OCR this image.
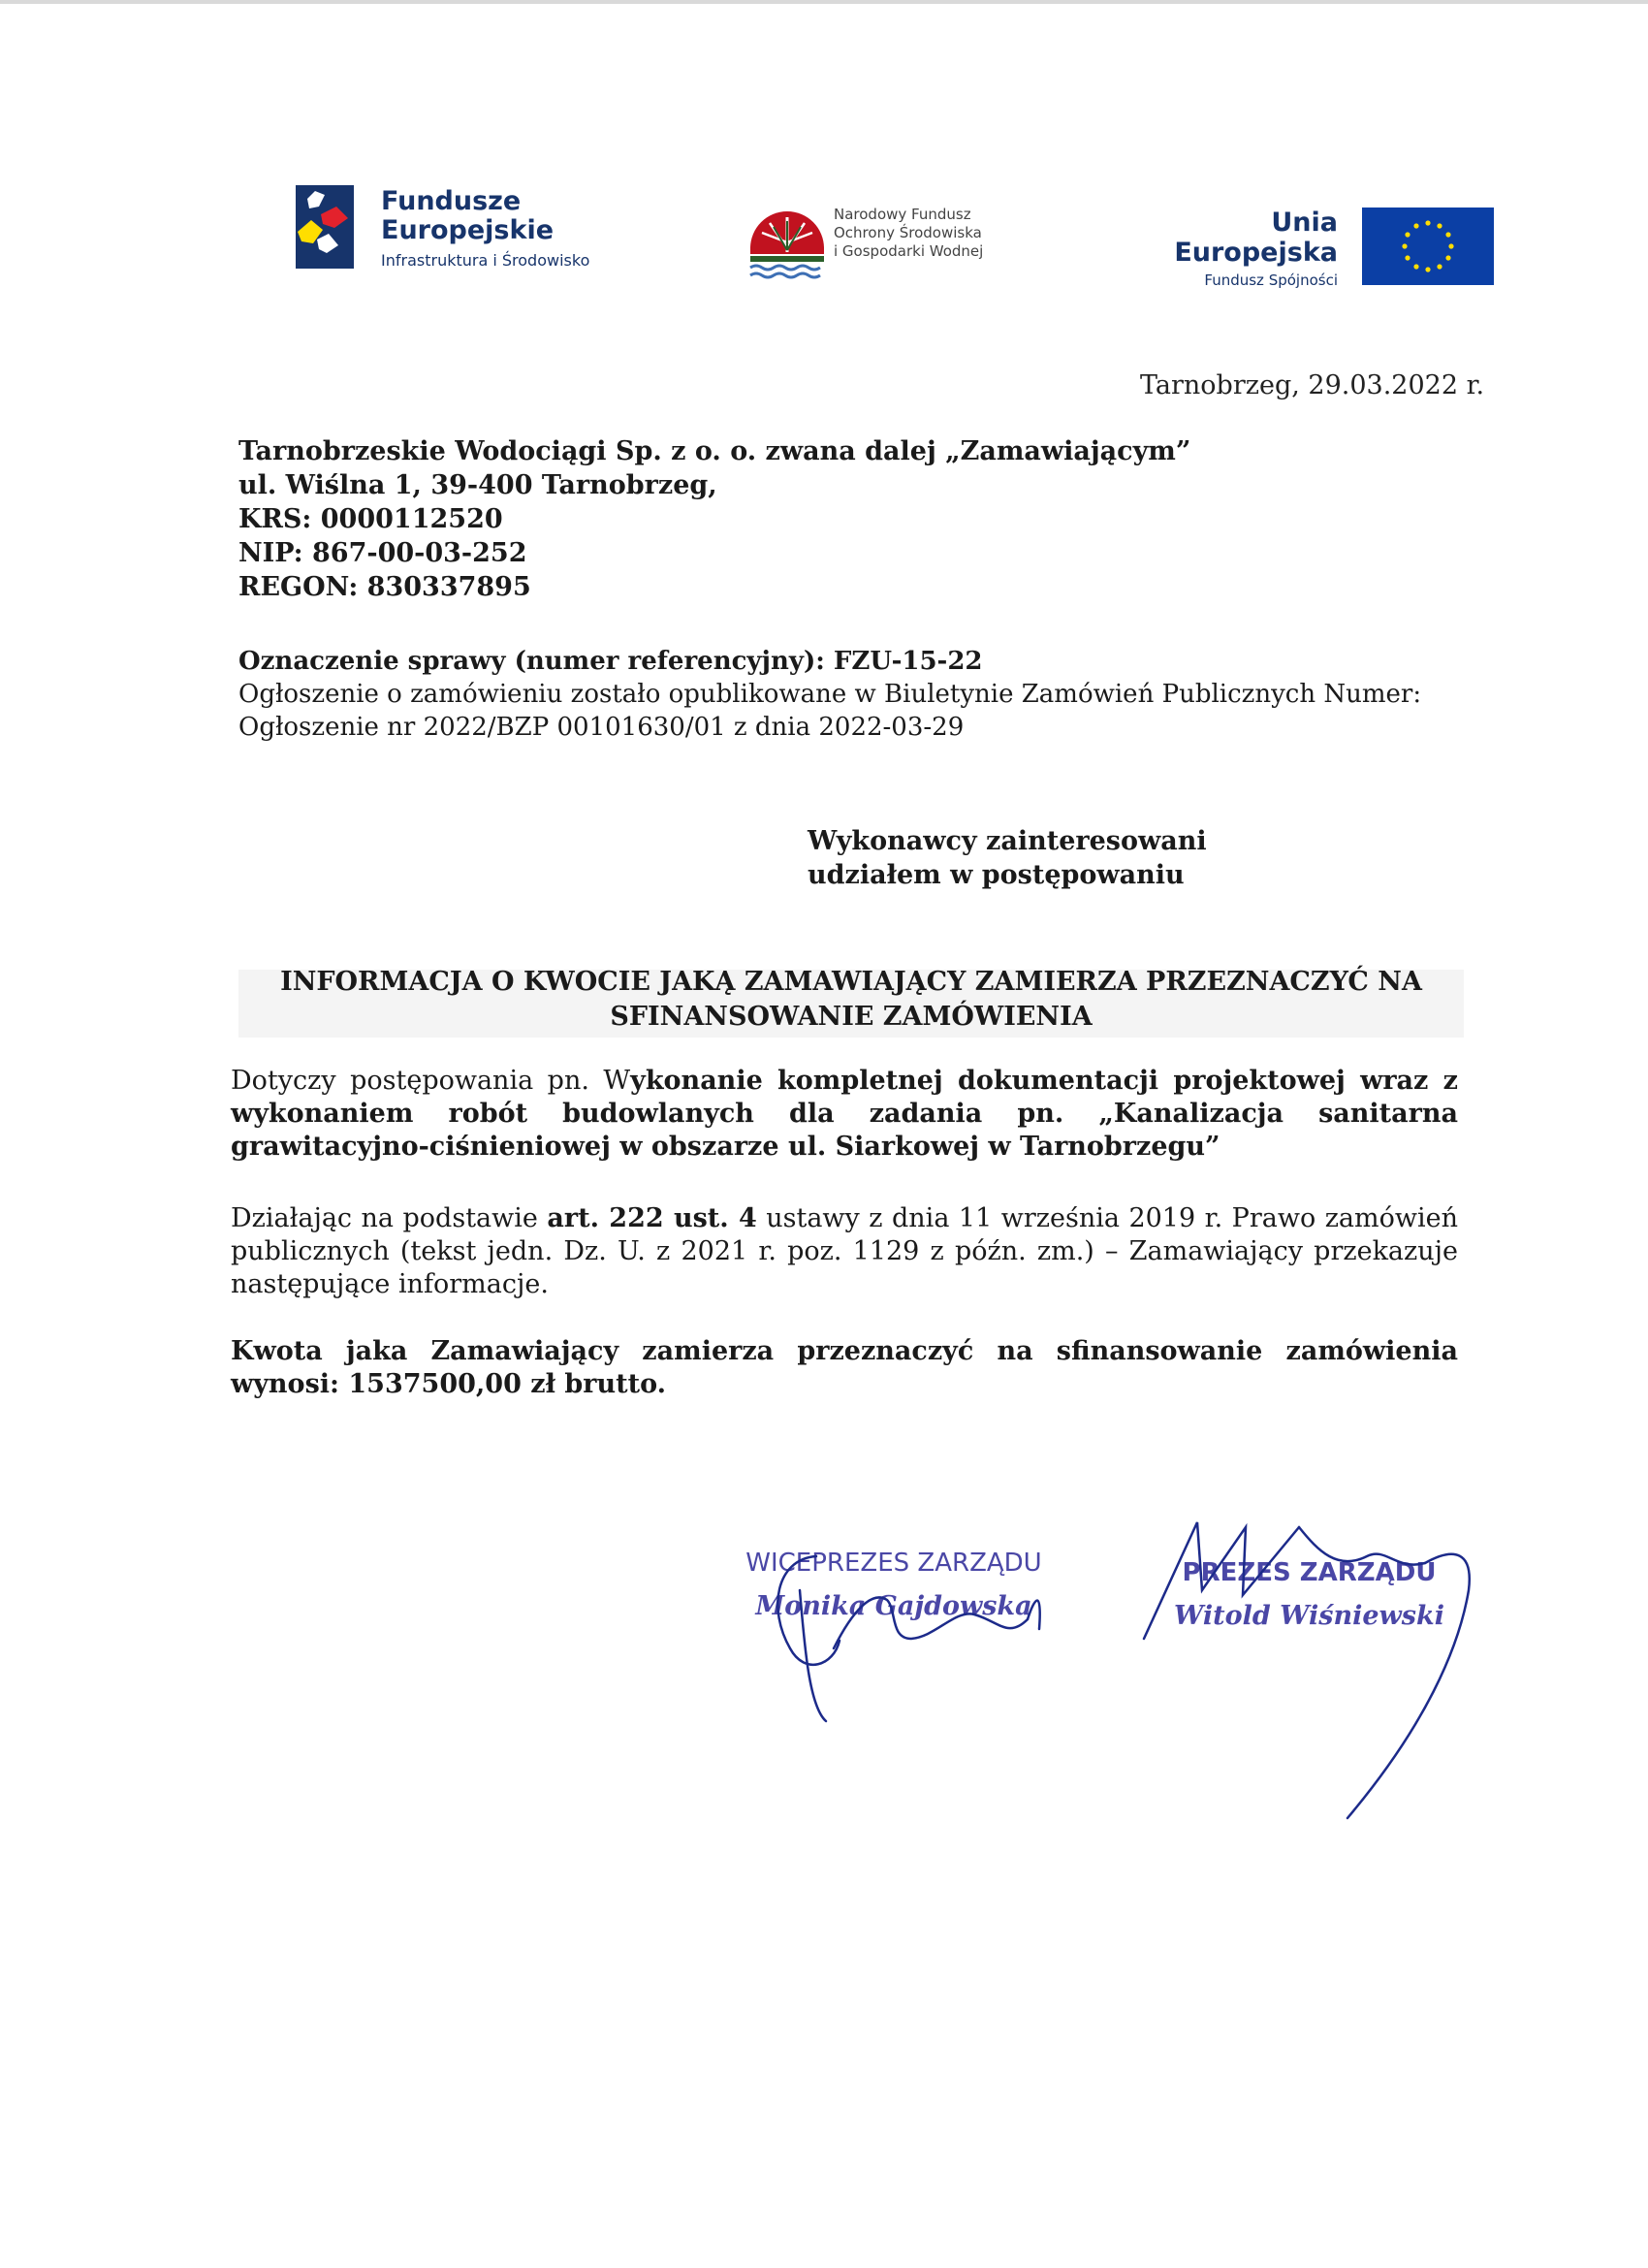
Fundusze
Europejskie
Infrastruktura i Środowisko
Narodowy Fundusz
Ochrony Środowiska
i Gospodarki Wodnej
Unia Europejska
Fundusz Spójności
Tarnobrzeg, 29.03.2022 r.
Tarnobrzeskie Wodociągi Sp. z o. o. zwana dalej „Zamawiającym”
ul. Wiślna 1, 39-400 Tarnobrzeg,
KRS: 0000112520
NIP: 867-00-03-252
REGON: 830337895
Oznaczenie sprawy (numer referencyjny): FZU-15-22
Ogłoszenie o zamówieniu zostało opublikowane w Biuletynie Zamówień Publicznych Numer:
Ogłoszenie nr 2022/BZP 00101630/01 z dnia 2022-03-29
Wykonawcy zainteresowani
udziałem w postępowaniu
INFORMACJA O KWOCIE JAKĄ ZAMAWIAJĄCY ZAMIERZA PRZEZNACZYĆ NA
SFINANSOWANIE ZAMÓWIENIA
Dotyczy postępowania pn. Wykonanie kompletnej dokumentacji projektowej wraz z wykonaniem robót budowlanych dla zadania pn. „Kanalizacja sanitarna grawitacyjno-ciśnieniowej w obszarze ul. Siarkowej w Tarnobrzegu”
Działając na podstawie art. 222 ust. 4 ustawy z dnia 11 września 2019 r. Prawo zamówień publicznych (tekst jedn. Dz. U. z 2021 r. poz. 1129 z późn. zm.) – Zamawiający przekazuje następujące informacje.
Kwota jaka Zamawiający zamierza przeznaczyć na sfinansowanie zamówienia wynosi: 1537500,00 zł brutto.
WICEPREZES ZARZĄDU
Monika Gajdowska
PREZES ZARZĄDU
Witold Wiśniewski
